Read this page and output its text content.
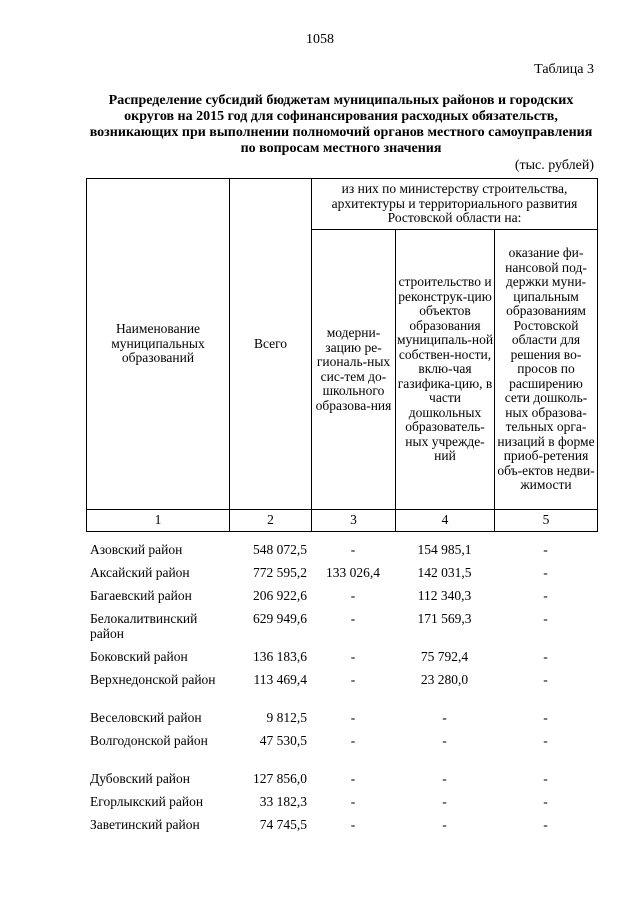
1058
Таблица 3
Распределение субсидий бюджетам муниципальных районов и городских округов на 2015 год для софинансирования расходных обязательств, возникающих при выполнении полномочий органов местного самоуправления по вопросам местного значения
(тыс. рублей)
Наименование муниципальных образований	Всего	из них по министерству строительства, архитектуры и территориального развития Ростовской области на:		
		модерни-зацию ре-гиональ-ных сис-тем до-школьного образова-ния	строительство и реконструк-цию объектов образования муниципаль-ной собствен-ности, вклю-чая газифика-цию, в части дошкольных образователь-ных учрежде-ний	оказание фи-нансовой под-держки муни-ципальным образованиям Ростовской области для решения во-просов по расширению сети дошколь-ных образова-тельных орга-низаций в форме приоб-ретения объ-ектов недви-жимости
1	2	3	4	5
Азовский район	548 072,5	-	154 985,1	-
Аксайский район	772 595,2	133 026,4	142 031,5	-
Багаевский район	206 922,6	-	112 340,3	-
Белокалитвинский район	629 949,6	-	171 569,3	-
Боковский район	136 183,6	-	75 792,4	-
Верхнедонской район	113 469,4	-	23 280,0	-
Веселовский район	9 812,5	-	-	-
Волгодонской район	47 530,5	-	-	-
Дубовский район	127 856,0	-	-	-
Егорлыкский район	33 182,3	-	-	-
Заветинский район	74 745,5	-	-	-
